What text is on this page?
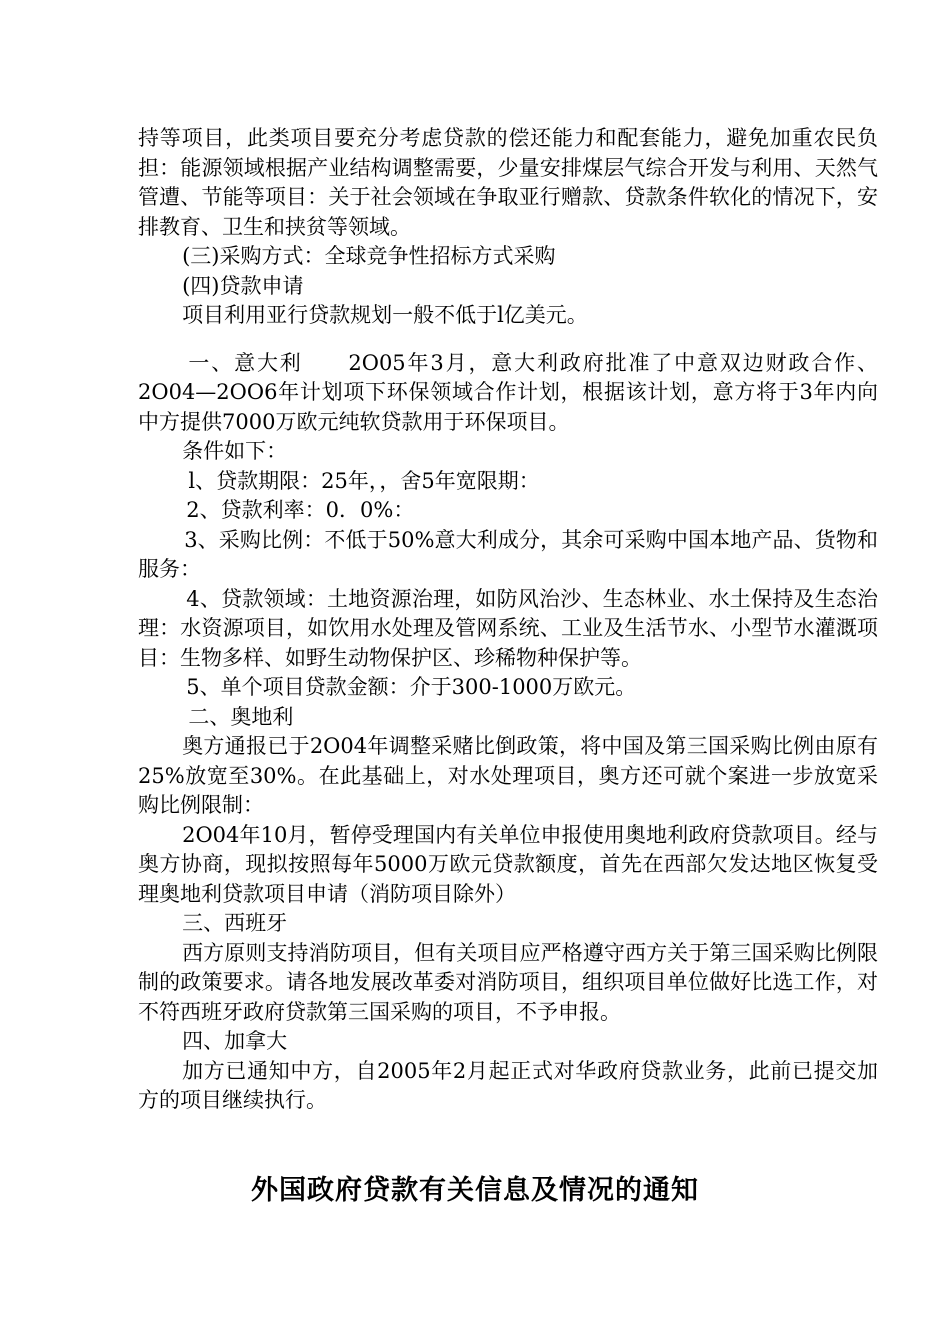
持等项目，此类项目要充分考虑贷款的偿还能力和配套能力，避免加重农民负担：能源领域根据产业结构调整需要，少量安排煤层气综合开发与利用、天然气管遭、节能等项目：关于社会领域在争取亚行赠款、贷款条件软化的情况下，安排教育、卫生和挟贫等领域。

(三)采购方式：全球竞争性招标方式采购

(四)贷款申请

项目利用亚行贷款规划一般不低于l亿美元。

一、意大利　　2O05年3月，意大利政府批准了中意双边财政合作、2O04—2OO6年计划项下环保领域合作计划，根据该计划，意方将于3年内向中方提供7000万欧元纯软贷款用于环保项目。

条件如下：

l、贷款期限：25年，，舍5年宽限期：

2、贷款利率：0．0%：

3、采购比例：不低于50%意大利成分，其余可采购中国本地产品、货物和服务：

4、贷款领域：土地资源治理，如防风治沙、生态林业、水土保持及生态治理：水资源项目，如饮用水处理及管网系统、工业及生活节水、小型节水灌溉项目：生物多样、如野生动物保护区、珍稀物种保护等。

5、单个项目贷款金额：介于300-1000万欧元。

二、奥地利

奥方通报已于2O04年调整采赌比倒政策，将中国及第三国采购比例由原有25%放宽至30%。在此基础上，对水处理项目，奥方还可就个案进一步放宽采购比例限制：

2O04年10月，暂停受理国内有关单位申报使用奥地利政府贷款项目。经与奥方协商，现拟按照每年5000万欧元贷款额度，首先在西部欠发达地区恢复受理奥地利贷款项目申请（消防项目除外）

三、西班牙

西方原则支持消防项目，但有关项目应严格遵守西方关于第三国采购比例限制的政策要求。请各地发展改革委对消防项目，组织项目单位做好比选工作，对不符西班牙政府贷款第三国采购的项目，不予申报。

四、加拿大

加方已通知中方，自2005年2月起正式对华政府贷款业务，此前已提交加方的项目继续执行。

外国政府贷款有关信息及情况的通知
